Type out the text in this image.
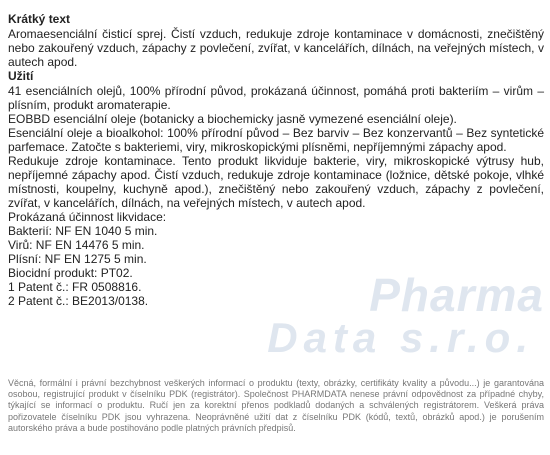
Pharma
Data s.r.o.
Krátký text

Aromaesenciální čisticí sprej. Čistí vzduch, redukuje zdroje kontaminace v domácnosti, znečištěný nebo zakouřený vzduch, zápachy z povlečení, zvířat, v kancelářích, dílnách, na veřejných místech, v autech apod.

Užití

41 esenciálních olejů, 100% přírodní původ, prokázaná účinnost, pomáhá proti bakteriím – virům – plísním, produkt aromaterapie.

EOBBD esenciální oleje (botanicky a biochemicky jasně vymezené esenciální oleje).

Esenciální oleje a bioalkohol: 100% přírodní původ – Bez barviv – Bez konzervantů – Bez syntetické parfemace. Zatočte s bakteriemi, viry, mikroskopickými plísněmi, nepříjemnými zápachy apod.

Redukuje zdroje kontaminace. Tento produkt likviduje bakterie, viry, mikroskopické výtrusy hub, nepříjemné zápachy apod. Čistí vzduch, redukuje zdroje kontaminace (ložnice, dětské pokoje, vlhké místnosti, koupelny, kuchyně apod.), znečištěný nebo zakouřený vzduch, zápachy z povlečení, zvířat, v kancelářích, dílnách, na veřejných místech, v autech apod.

Prokázaná účinnost likvidace:

Bakterií: NF EN 1040 5 min.

Virů: NF EN 14476 5 min.

Plísní: NF EN 1275 5 min.

Biocidní produkt: PT02.

1 Patent č.: FR 0508816.

2 Patent č.: BE2013/0138.

Věcná, formální i právní bezchybnost veškerých informací o produktu (texty, obrázky, certifikáty kvality a původu...) je garantována osobou, registrující produkt v číselníku PDK (registrátor). Společnost PHARMDATA nenese právní odpovědnost za případné chyby, týkající se informací o produktu. Ručí jen za korektní přenos podkladů dodaných a schválených registrátorem. Veškerá práva pořizovatele číselníku PDK jsou vyhrazena. Neoprávněné užití dat z číselníku PDK (kódů, textů, obrázků apod.) je porušením autorského práva a bude postihováno podle platných právních předpisů.
